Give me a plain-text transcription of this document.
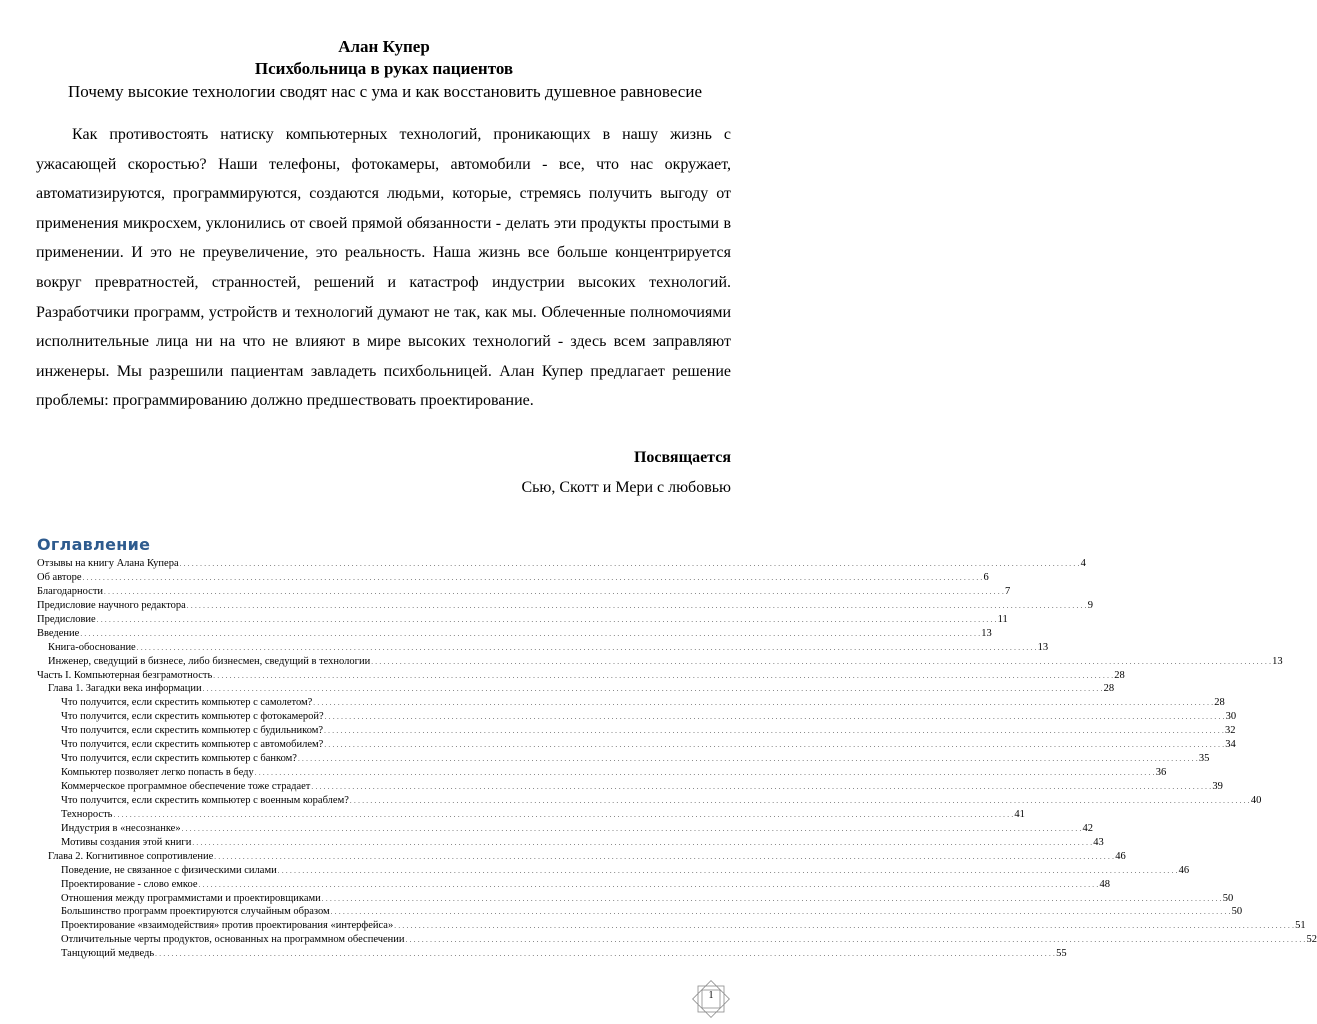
Алан Купер
Психбольница в руках пациентов
Почему высокие технологии сводят нас с ума и как восстановить душевное равновесие

Как противостоять натиску компьютерных технологий, проникающих в нашу жизнь с ужасающей скоростью? Наши телефоны, фотокамеры, автомобили - все, что нас окружает, автоматизируются, программируются, создаются людьми, которые, стремясь получить выгоду от применения микросхем, уклонились от своей прямой обязанности - делать эти продукты простыми в применении. И это не преувеличение, это реальность. Наша жизнь все больше концентрируется вокруг превратностей, странностей, решений и катастроф индустрии высоких технологий. Разработчики программ, устройств и технологий думают не так, как мы. Облеченные полномочиями исполнительные лица ни на что не влияют в мире высоких технологий - здесь всем заправляют инженеры. Мы разрешили пациентам завладеть психбольницей. Алан Купер предлагает решение проблемы: программированию должно предшествовать проектирование.

Посвящается
Сью, Скотт и Мери с любовью
Оглавление
Отзывы на книгу Алана Купера . . . . . . . . . . . . . . . . . . . . . . . . . . . . . . . . . . . . . . . . . . . . . . . . . . . . . . . . . . . . . . . . . . . . . . . . . . . . . . . . . . . . . . . . . . . . . . . . . . . . . . . . . . . . . . . . . . . . . . . . . . . . . . . . . . . . . . . . . . . . . . . . . . . . . . . . . . . . . . . . . . . . . . . . . . . . . . . . . . . . . . . . . . . . . . . . . . . . . . . . . . . . . . . . . . . . . . . . . . . . 4
Об авторе . . . . . . . . . . . . . . . . . . . . . . . . . . . . . . . . . . . . . . . . . . . . . . . . . . . . . . . . . . . . . . . . . . . . . . . . . . . . . . . . . . . . . . . . . . . . . . . . . . . . . . . . . . . . . . . . . . . . . . . . . . . . . . . . . . . . . . . . . . . . . . . . . . . . . . . . . . . . . . . . . . . . . . . . . . . . . . . . . . . . . . . . . . . . . . . . . . . . . . . . . . . . . . . . . . . . . . . . . . . . 6
Благодарности . . . . . . . . . . . . . . . . . . . . . . . . . . . . . . . . . . . . . . . . . . . . . . . . . . . . . . . . . . . . . . . . . . . . . . . . . . . . . . . . . . . . . . . . . . . . . . . . . . . . . . . . . . . . . . . . . . . . . . . . . . . . . . . . . . . . . . . . . . . . . . . . . . . . . . . . . . . . . . . . . . . . . . . . . . . . . . . . . . . . . . . . . . . . . . . . . . . . . . . . . . . . . . . . . . . . . . . . . . . . 7
Предисловие научного редактора . . . . . . . . . . . . . . . . . . . . . . . . . . . . . . . . . . . . . . . . . . . . . . . . . . . . . . . . . . . . . . . . . . . . . . . . . . . . . . . . . . . . . . . . . . . . . . . . . . . . . . . . . . . . . . . . . . . . . . . . . . . . . . . . . . . . . . . . . . . . . . . . . . . . . . . . . . . . . . . . . . . . . . . . . . . . . . . . . . . . . . . . . . . . . . . . . . . . . . . . . . . . . . . . . . . . . . . . . . . . 9
Предисловие . . . . . . . . . . . . . . . . . . . . . . . . . . . . . . . . . . . . . . . . . . . . . . . . . . . . . . . . . . . . . . . . . . . . . . . . . . . . . . . . . . . . . . . . . . . . . . . . . . . . . . . . . . . . . . . . . . . . . . . . . . . . . . . . . . . . . . . . . . . . . . . . . . . . . . . . . . . . . . . . . . . . . . . . . . . . . . . . . . . . . . . . . . . . . . . . . . . . . . . . . . . . . . . . . . . . . . . . . . . . 11
Введение . . . . . . . . . . . . . . . . . . . . . . . . . . . . . . . . . . . . . . . . . . . . . . . . . . . . . . . . . . . . . . . . . . . . . . . . . . . . . . . . . . . . . . . . . . . . . . . . . . . . . . . . . . . . . . . . . . . . . . . . . . . . . . . . . . . . . . . . . . . . . . . . . . . . . . . . . . . . . . . . . . . . . . . . . . . . . . . . . . . . . . . . . . . . . . . . . . . . . . . . . . . . . . . . . . . . . . . . . . . . 13
Книга-обоснование . . . . . . . . . . . . . . . . . . . . . . . . . . . . . . . . . . . . . . . . . . . . . . . . . . . . . . . . . . . . . . . . . . . . . . . . . . . . . . . . . . . . . . . . . . . . . . . . . . . . . . . . . . . . . . . . . . . . . . . . . . . . . . . . . . . . . . . . . . . . . . . . . . . . . . . . . . . . . . . . . . . . . . . . . . . . . . . . . . . . . . . . . . . . . . . . . . . . . . . . . . . . . . . . . . . . . . . . . . . . 13
Инженер, сведущий в бизнесе, либо бизнесмен, сведущий в технологии . . . . . . . . . . . . . . . . . . . . . . . . . . . . . . . . . . . . . . . . . . . . . . . . . . . . . . . . . . . . . . . . . . . . . . . . . . . . . . . . . . . . . . . . . . . . . . . . . . . . . . . . . . . . . . . . . . . . . . . . . . . . . . . . . . . . . . . . . . . . . . . . . . . . . . . . . . . . . . . . . . . . . . . . . . . . . . . . . . . . . . . . . . . . . . . . . . . . . . . . . . . . . . . . . . . . . . . . . . . . 13
Часть I. Компьютерная безграмотность . . . . . . . . . . . . . . . . . . . . . . . . . . . . . . . . . . . . . . . . . . . . . . . . . . . . . . . . . . . . . . . . . . . . . . . . . . . . . . . . . . . . . . . . . . . . . . . . . . . . . . . . . . . . . . . . . . . . . . . . . . . . . . . . . . . . . . . . . . . . . . . . . . . . . . . . . . . . . . . . . . . . . . . . . . . . . . . . . . . . . . . . . . . . . . . . . . . . . . . . . . . . . . . . . . . . . . . . . . . . 28
Глава 1. Загадки века информации . . . . . . . . . . . . . . . . . . . . . . . . . . . . . . . . . . . . . . . . . . . . . . . . . . . . . . . . . . . . . . . . . . . . . . . . . . . . . . . . . . . . . . . . . . . . . . . . . . . . . . . . . . . . . . . . . . . . . . . . . . . . . . . . . . . . . . . . . . . . . . . . . . . . . . . . . . . . . . . . . . . . . . . . . . . . . . . . . . . . . . . . . . . . . . . . . . . . . . . . . . . . . . . . . . . . . . . . . . . . 28
Что получится, если скрестить компьютер с самолетом? . . . . . . . . . . . . . . . . . . . . . . . . . . . . . . . . . . . . . . . . . . . . . . . . . . . . . . . . . . . . . . . . . . . . . . . . . . . . . . . . . . . . . . . . . . . . . . . . . . . . . . . . . . . . . . . . . . . . . . . . . . . . . . . . . . . . . . . . . . . . . . . . . . . . . . . . . . . . . . . . . . . . . . . . . . . . . . . . . . . . . . . . . . . . . . . . . . . . . . . . . . . . . . . . . . . . . . . . . . . . 28
Что получится, если скрестить компьютер с фотокамерой? . . . . . . . . . . . . . . . . . . . . . . . . . . . . . . . . . . . . . . . . . . . . . . . . . . . . . . . . . . . . . . . . . . . . . . . . . . . . . . . . . . . . . . . . . . . . . . . . . . . . . . . . . . . . . . . . . . . . . . . . . . . . . . . . . . . . . . . . . . . . . . . . . . . . . . . . . . . . . . . . . . . . . . . . . . . . . . . . . . . . . . . . . . . . . . . . . . . . . . . . . . . . . . . . . . . . . . . . . . . . 30
Что получится, если скрестить компьютер с будильником? . . . . . . . . . . . . . . . . . . . . . . . . . . . . . . . . . . . . . . . . . . . . . . . . . . . . . . . . . . . . . . . . . . . . . . . . . . . . . . . . . . . . . . . . . . . . . . . . . . . . . . . . . . . . . . . . . . . . . . . . . . . . . . . . . . . . . . . . . . . . . . . . . . . . . . . . . . . . . . . . . . . . . . . . . . . . . . . . . . . . . . . . . . . . . . . . . . . . . . . . . . . . . . . . . . . . . . . . . . . . 32
Что получится, если скрестить компьютер с автомобилем? . . . . . . . . . . . . . . . . . . . . . . . . . . . . . . . . . . . . . . . . . . . . . . . . . . . . . . . . . . . . . . . . . . . . . . . . . . . . . . . . . . . . . . . . . . . . . . . . . . . . . . . . . . . . . . . . . . . . . . . . . . . . . . . . . . . . . . . . . . . . . . . . . . . . . . . . . . . . . . . . . . . . . . . . . . . . . . . . . . . . . . . . . . . . . . . . . . . . . . . . . . . . . . . . . . . . . . . . . . . . 34
Что получится, если скрестить компьютер с банком? . . . . . . . . . . . . . . . . . . . . . . . . . . . . . . . . . . . . . . . . . . . . . . . . . . . . . . . . . . . . . . . . . . . . . . . . . . . . . . . . . . . . . . . . . . . . . . . . . . . . . . . . . . . . . . . . . . . . . . . . . . . . . . . . . . . . . . . . . . . . . . . . . . . . . . . . . . . . . . . . . . . . . . . . . . . . . . . . . . . . . . . . . . . . . . . . . . . . . . . . . . . . . . . . . . . . . . . . . . . . 35
Компьютер позволяет легко попасть в беду . . . . . . . . . . . . . . . . . . . . . . . . . . . . . . . . . . . . . . . . . . . . . . . . . . . . . . . . . . . . . . . . . . . . . . . . . . . . . . . . . . . . . . . . . . . . . . . . . . . . . . . . . . . . . . . . . . . . . . . . . . . . . . . . . . . . . . . . . . . . . . . . . . . . . . . . . . . . . . . . . . . . . . . . . . . . . . . . . . . . . . . . . . . . . . . . . . . . . . . . . . . . . . . . . . . . . . . . . . . . 36
Коммерческое программное обеспечение тоже страдает . . . . . . . . . . . . . . . . . . . . . . . . . . . . . . . . . . . . . . . . . . . . . . . . . . . . . . . . . . . . . . . . . . . . . . . . . . . . . . . . . . . . . . . . . . . . . . . . . . . . . . . . . . . . . . . . . . . . . . . . . . . . . . . . . . . . . . . . . . . . . . . . . . . . . . . . . . . . . . . . . . . . . . . . . . . . . . . . . . . . . . . . . . . . . . . . . . . . . . . . . . . . . . . . . . . . . . . . . . . . 39
Что получится, если скрестить компьютер с военным кораблем? . . . . . . . . . . . . . . . . . . . . . . . . . . . . . . . . . . . . . . . . . . . . . . . . . . . . . . . . . . . . . . . . . . . . . . . . . . . . . . . . . . . . . . . . . . . . . . . . . . . . . . . . . . . . . . . . . . . . . . . . . . . . . . . . . . . . . . . . . . . . . . . . . . . . . . . . . . . . . . . . . . . . . . . . . . . . . . . . . . . . . . . . . . . . . . . . . . . . . . . . . . . . . . . . . . . . . . . . . . . . 40
Технорость . . . . . . . . . . . . . . . . . . . . . . . . . . . . . . . . . . . . . . . . . . . . . . . . . . . . . . . . . . . . . . . . . . . . . . . . . . . . . . . . . . . . . . . . . . . . . . . . . . . . . . . . . . . . . . . . . . . . . . . . . . . . . . . . . . . . . . . . . . . . . . . . . . . . . . . . . . . . . . . . . . . . . . . . . . . . . . . . . . . . . . . . . . . . . . . . . . . . . . . . . . . . . . . . . . . . . . . . . . . . 41
Индустрия в «несознанке» . . . . . . . . . . . . . . . . . . . . . . . . . . . . . . . . . . . . . . . . . . . . . . . . . . . . . . . . . . . . . . . . . . . . . . . . . . . . . . . . . . . . . . . . . . . . . . . . . . . . . . . . . . . . . . . . . . . . . . . . . . . . . . . . . . . . . . . . . . . . . . . . . . . . . . . . . . . . . . . . . . . . . . . . . . . . . . . . . . . . . . . . . . . . . . . . . . . . . . . . . . . . . . . . . . . . . . . . . . . . 42
Мотивы создания этой книги . . . . . . . . . . . . . . . . . . . . . . . . . . . . . . . . . . . . . . . . . . . . . . . . . . . . . . . . . . . . . . . . . . . . . . . . . . . . . . . . . . . . . . . . . . . . . . . . . . . . . . . . . . . . . . . . . . . . . . . . . . . . . . . . . . . . . . . . . . . . . . . . . . . . . . . . . . . . . . . . . . . . . . . . . . . . . . . . . . . . . . . . . . . . . . . . . . . . . . . . . . . . . . . . . . . . . . . . . . . . 43
Глава 2. Когнитивное сопротивление . . . . . . . . . . . . . . . . . . . . . . . . . . . . . . . . . . . . . . . . . . . . . . . . . . . . . . . . . . . . . . . . . . . . . . . . . . . . . . . . . . . . . . . . . . . . . . . . . . . . . . . . . . . . . . . . . . . . . . . . . . . . . . . . . . . . . . . . . . . . . . . . . . . . . . . . . . . . . . . . . . . . . . . . . . . . . . . . . . . . . . . . . . . . . . . . . . . . . . . . . . . . . . . . . . . . . . . . . . . . 46
Поведение, не связанное с физическими силами . . . . . . . . . . . . . . . . . . . . . . . . . . . . . . . . . . . . . . . . . . . . . . . . . . . . . . . . . . . . . . . . . . . . . . . . . . . . . . . . . . . . . . . . . . . . . . . . . . . . . . . . . . . . . . . . . . . . . . . . . . . . . . . . . . . . . . . . . . . . . . . . . . . . . . . . . . . . . . . . . . . . . . . . . . . . . . . . . . . . . . . . . . . . . . . . . . . . . . . . . . . . . . . . . . . . . . . . . . . . 46
Проектирование - слово емкое . . . . . . . . . . . . . . . . . . . . . . . . . . . . . . . . . . . . . . . . . . . . . . . . . . . . . . . . . . . . . . . . . . . . . . . . . . . . . . . . . . . . . . . . . . . . . . . . . . . . . . . . . . . . . . . . . . . . . . . . . . . . . . . . . . . . . . . . . . . . . . . . . . . . . . . . . . . . . . . . . . . . . . . . . . . . . . . . . . . . . . . . . . . . . . . . . . . . . . . . . . . . . . . . . . . . . . . . . . . . 48
Отношения между программистами и проектировщиками . . . . . . . . . . . . . . . . . . . . . . . . . . . . . . . . . . . . . . . . . . . . . . . . . . . . . . . . . . . . . . . . . . . . . . . . . . . . . . . . . . . . . . . . . . . . . . . . . . . . . . . . . . . . . . . . . . . . . . . . . . . . . . . . . . . . . . . . . . . . . . . . . . . . . . . . . . . . . . . . . . . . . . . . . . . . . . . . . . . . . . . . . . . . . . . . . . . . . . . . . . . . . . . . . . . . . . . . . . . . 50
Большинство программ проектируются случайным образом . . . . . . . . . . . . . . . . . . . . . . . . . . . . . . . . . . . . . . . . . . . . . . . . . . . . . . . . . . . . . . . . . . . . . . . . . . . . . . . . . . . . . . . . . . . . . . . . . . . . . . . . . . . . . . . . . . . . . . . . . . . . . . . . . . . . . . . . . . . . . . . . . . . . . . . . . . . . . . . . . . . . . . . . . . . . . . . . . . . . . . . . . . . . . . . . . . . . . . . . . . . . . . . . . . . . . . . . . . . . 50
Проектирование «взаимодействия» против проектирования «интерфейса» . . . . . . . . . . . . . . . . . . . . . . . . . . . . . . . . . . . . . . . . . . . . . . . . . . . . . . . . . . . . . . . . . . . . . . . . . . . . . . . . . . . . . . . . . . . . . . . . . . . . . . . . . . . . . . . . . . . . . . . . . . . . . . . . . . . . . . . . . . . . . . . . . . . . . . . . . . . . . . . . . . . . . . . . . . . . . . . . . . . . . . . . . . . . . . . . . . . . . . . . . . . . . . . . . . . . . . . . . . . . 51
Отличительные черты продуктов, основанных на программном обеспечении . . . . . . . . . . . . . . . . . . . . . . . . . . . . . . . . . . . . . . . . . . . . . . . . . . . . . . . . . . . . . . . . . . . . . . . . . . . . . . . . . . . . . . . . . . . . . . . . . . . . . . . . . . . . . . . . . . . . . . . . . . . . . . . . . . . . . . . . . . . . . . . . . . . . . . . . . . . . . . . . . . . . . . . . . . . . . . . . . . . . . . . . . . . . . . . . . . . . . . . . . . . . . . . . . . . . . . . . . . . . 52
Танцующий медведь . . . . . . . . . . . . . . . . . . . . . . . . . . . . . . . . . . . . . . . . . . . . . . . . . . . . . . . . . . . . . . . . . . . . . . . . . . . . . . . . . . . . . . . . . . . . . . . . . . . . . . . . . . . . . . . . . . . . . . . . . . . . . . . . . . . . . . . . . . . . . . . . . . . . . . . . . . . . . . . . . . . . . . . . . . . . . . . . . . . . . . . . . . . . . . . . . . . . . . . . . . . . . . . . . . . . . . . . . . . . 55
1
